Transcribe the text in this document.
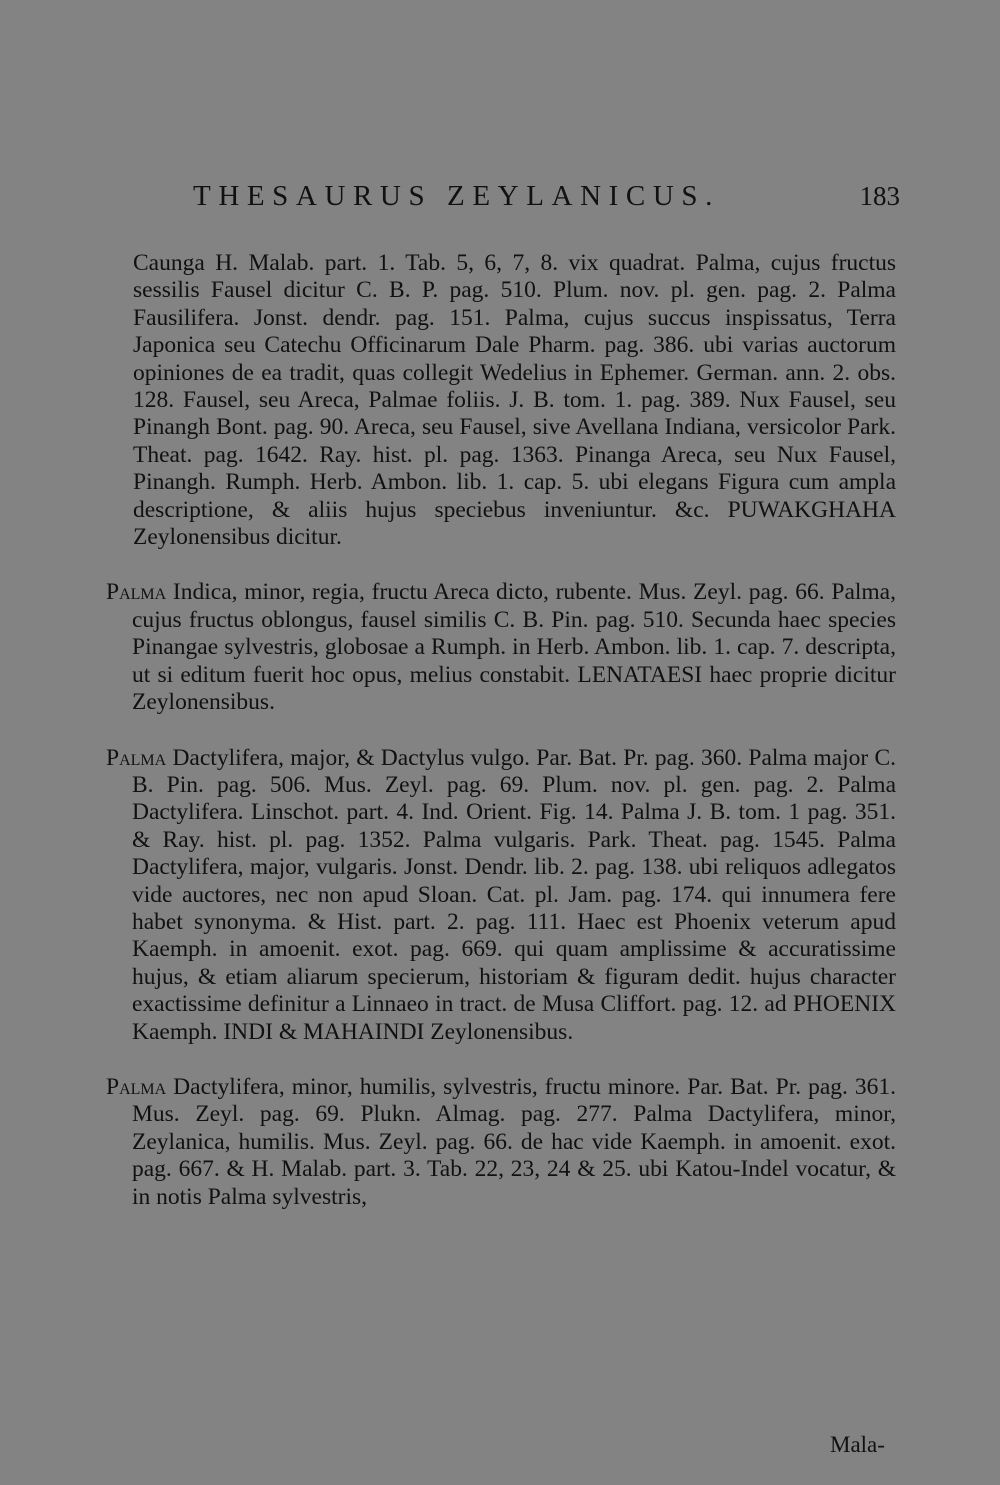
THESAURUS ZEYLANICUS.	183

Caunga H. Malab. part. 1. Tab. 5, 6, 7, 8. vix quadrat. Palma, cujus fructus sessilis Fausel dicitur C. B. P. pag. 510. Plum. nov. pl. gen. pag. 2. Palma Fausilifera. Jonst. dendr. pag. 151. Palma, cujus succus inspissatus, Terra Japonica seu Catechu Officinarum Dale Pharm. pag. 386. ubi varias auctorum opiniones de ea tradit, quas collegit Wedelius in Ephemer. German. ann. 2. obs. 128. Fausel, seu Areca, Palmae foliis. J. B. tom. 1. pag. 389. Nux Fausel, seu Pinangh Bont. pag. 90. Areca, seu Fausel, sive Avellana Indiana, versicolor Park. Theat. pag. 1642. Ray. hist. pl. pag. 1363. Pinanga Areca, seu Nux Fausel, Pinangh. Rumph. Herb. Ambon. lib. 1. cap. 5. ubi elegans Figura cum ampla descriptione, & aliis hujus speciebus inveniuntur. &c. PUWAKGHAHA Zeylonensibus dicitur.

Palma Indica, minor, regia, fructu Areca dicto, rubente. Mus. Zeyl. pag. 66. Palma, cujus fructus oblongus, fausel similis C. B. Pin. pag. 510. Secunda haec species Pinangae sylvestris, globosae a Rumph. in Herb. Ambon. lib. 1. cap. 7. descripta, ut si editum fuerit hoc opus, melius constabit. LENATAESI haec proprie dicitur Zeylonensibus.

Palma Dactylifera, major, & Dactylus vulgo. Par. Bat. Pr. pag. 360. Palma major C. B. Pin. pag. 506. Mus. Zeyl. pag. 69. Plum. nov. pl. gen. pag. 2. Palma Dactylifera. Linschot. part. 4. Ind. Orient. Fig. 14. Palma J. B. tom. 1 pag. 351. & Ray. hist. pl. pag. 1352. Palma vulgaris. Park. Theat. pag. 1545. Palma Dactylifera, major, vulgaris. Jonst. Dendr. lib. 2. pag. 138. ubi reliquos adlegatos vide auctores, nec non apud Sloan. Cat. pl. Jam. pag. 174. qui innumera fere habet synonyma. & Hist. part. 2. pag. 111. Haec est Phoenix veterum apud Kaemph. in amoenit. exot. pag. 669. qui quam amplissime & accuratissime hujus, & etiam aliarum specierum, historiam & figuram dedit. hujus character exactissime definitur a Linnaeo in tract. de Musa Cliffort. pag. 12. ad PHOENIX Kaemph. INDI & MAHAINDI Zeylonensibus.

Palma Dactylifera, minor, humilis, sylvestris, fructu minore. Par. Bat. Pr. pag. 361. Mus. Zeyl. pag. 69. Plukn. Almag. pag. 277. Palma Dactylifera, minor, Zeylanica, humilis. Mus. Zeyl. pag. 66. de hac vide Kaemph. in amoenit. exot. pag. 667. & H. Malab. part. 3. Tab. 22, 23, 24 & 25. ubi Katou-Indel vocatur, & in notis Palma sylvestris,

Mala-
